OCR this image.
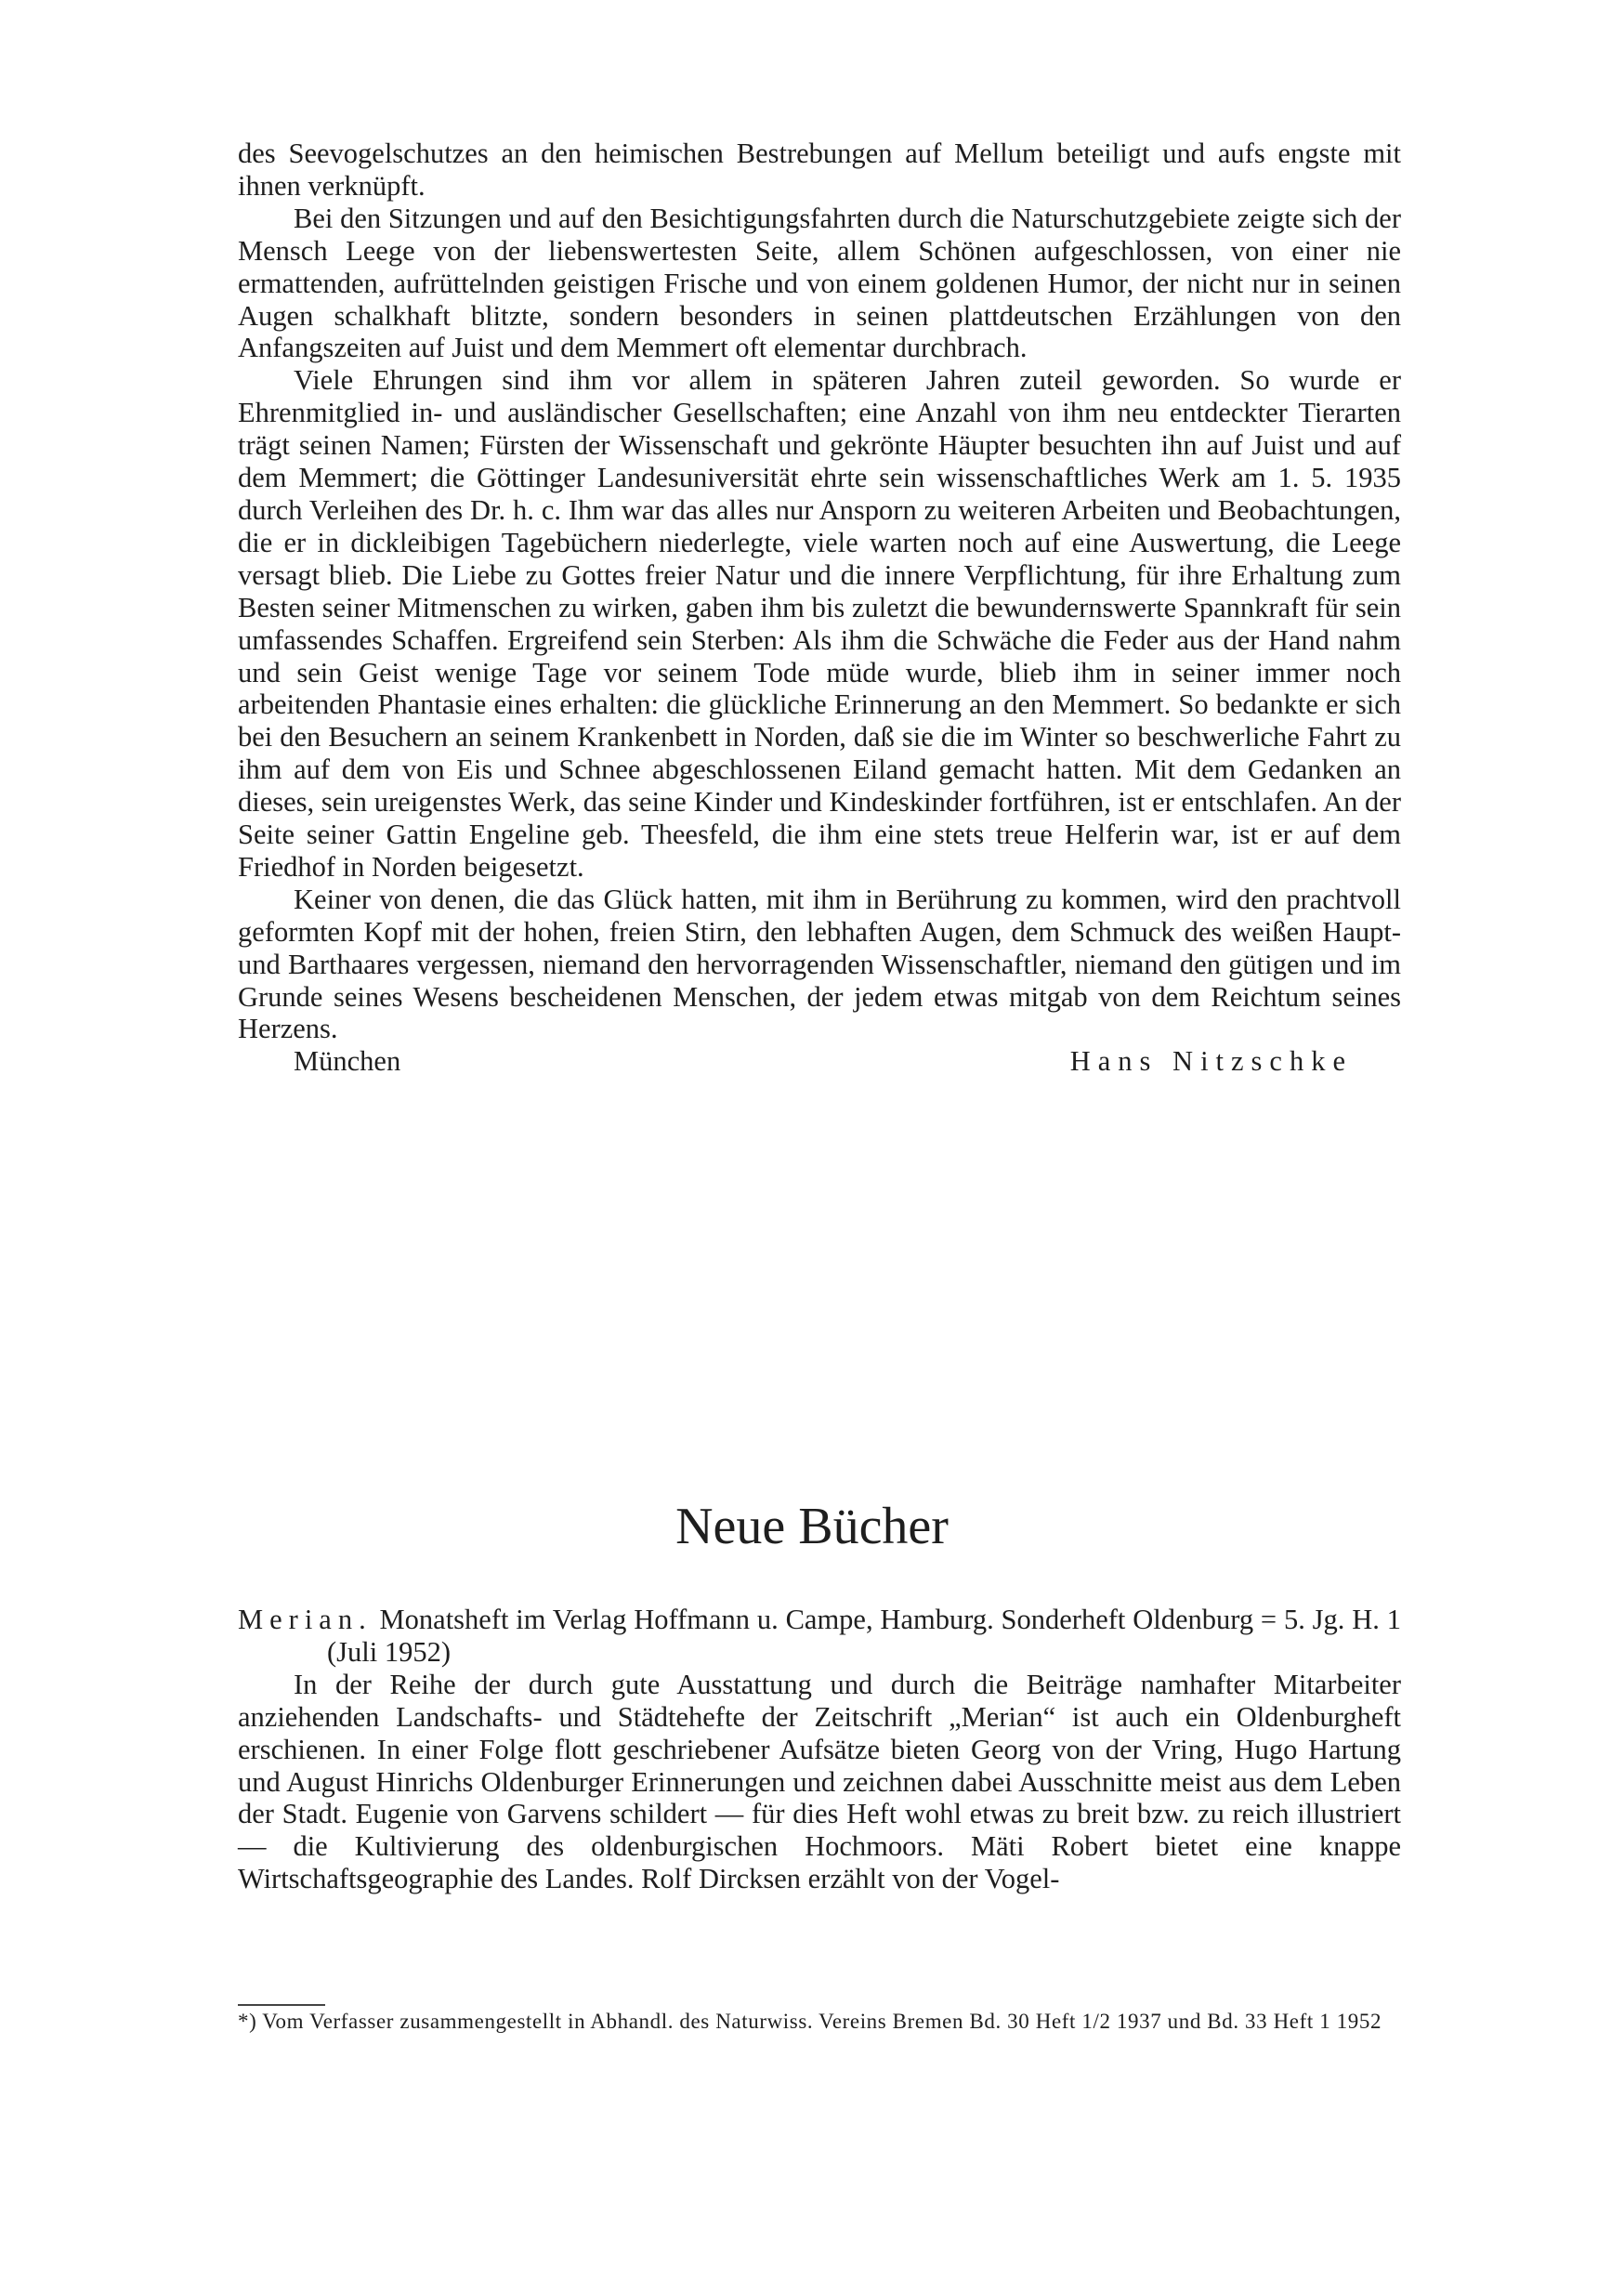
des Seevogelschutzes an den heimischen Bestrebungen auf Mellum beteiligt und aufs engste mit ihnen verknüpft.

Bei den Sitzungen und auf den Besichtigungsfahrten durch die Naturschutzgebiete zeigte sich der Mensch Leege von der liebenswertesten Seite, allem Schönen aufgeschlossen, von einer nie ermattenden, aufrüttelnden geistigen Frische und von einem goldenen Humor, der nicht nur in seinen Augen schalkhaft blitzte, sondern besonders in seinen plattdeutschen Erzählungen von den Anfangszeiten auf Juist und dem Memmert oft elementar durchbrach.

Viele Ehrungen sind ihm vor allem in späteren Jahren zuteil geworden. So wurde er Ehrenmitglied in- und ausländischer Gesellschaften; eine Anzahl von ihm neu entdeckter Tierarten trägt seinen Namen; Fürsten der Wissenschaft und gekrönte Häupter besuchten ihn auf Juist und auf dem Memmert; die Göttinger Landesuniversität ehrte sein wissenschaftliches Werk am 1. 5. 1935 durch Verleihen des Dr. h. c. Ihm war das alles nur Ansporn zu weiteren Arbeiten und Beobachtungen, die er in dickleibigen Tagebüchern niederlegte, viele warten noch auf eine Auswertung, die Leege versagt blieb. Die Liebe zu Gottes freier Natur und die innere Verpflichtung, für ihre Erhaltung zum Besten seiner Mitmenschen zu wirken, gaben ihm bis zuletzt die bewundernswerte Spannkraft für sein umfassendes Schaffen. Ergreifend sein Sterben: Als ihm die Schwäche die Feder aus der Hand nahm und sein Geist wenige Tage vor seinem Tode müde wurde, blieb ihm in seiner immer noch arbeitenden Phantasie eines erhalten: die glückliche Erinnerung an den Memmert. So bedankte er sich bei den Besuchern an seinem Krankenbett in Norden, daß sie die im Winter so beschwerliche Fahrt zu ihm auf dem von Eis und Schnee abgeschlossenen Eiland gemacht hatten. Mit dem Gedanken an dieses, sein ureigenstes Werk, das seine Kinder und Kindeskinder fortführen, ist er entschlafen. An der Seite seiner Gattin Engeline geb. Theesfeld, die ihm eine stets treue Helferin war, ist er auf dem Friedhof in Norden beigesetzt.

Keiner von denen, die das Glück hatten, mit ihm in Berührung zu kommen, wird den prachtvoll geformten Kopf mit der hohen, freien Stirn, den lebhaften Augen, dem Schmuck des weißen Haupt- und Barthaares vergessen, niemand den hervorragenden Wissenschaftler, niemand den gütigen und im Grunde seines Wesens bescheidenen Menschen, der jedem etwas mitgab von dem Reichtum seines Herzens.

München	Hans Nitzschke
Neue Bücher

Merian. Monatsheft im Verlag Hoffmann u. Campe, Hamburg. Sonderheft Oldenburg = 5. Jg. H. 1 (Juli 1952)

In der Reihe der durch gute Ausstattung und durch die Beiträge namhafter Mitarbeiter anziehenden Landschafts- und Städtehefte der Zeitschrift „Merian“ ist auch ein Oldenburgheft erschienen. In einer Folge flott geschriebener Aufsätze bieten Georg von der Vring, Hugo Hartung und August Hinrichs Oldenburger Erinnerungen und zeichnen dabei Ausschnitte meist aus dem Leben der Stadt. Eugenie von Garvens schildert — für dies Heft wohl etwas zu breit bzw. zu reich illustriert — die Kultivierung des oldenburgischen Hochmoors. Mäti Robert bietet eine knappe Wirtschaftsgeographie des Landes. Rolf Dircksen erzählt von der Vogel-

*) Vom Verfasser zusammengestellt in Abhandl. des Naturwiss. Vereins Bremen Bd. 30 Heft 1/2 1937 und Bd. 33 Heft 1 1952
